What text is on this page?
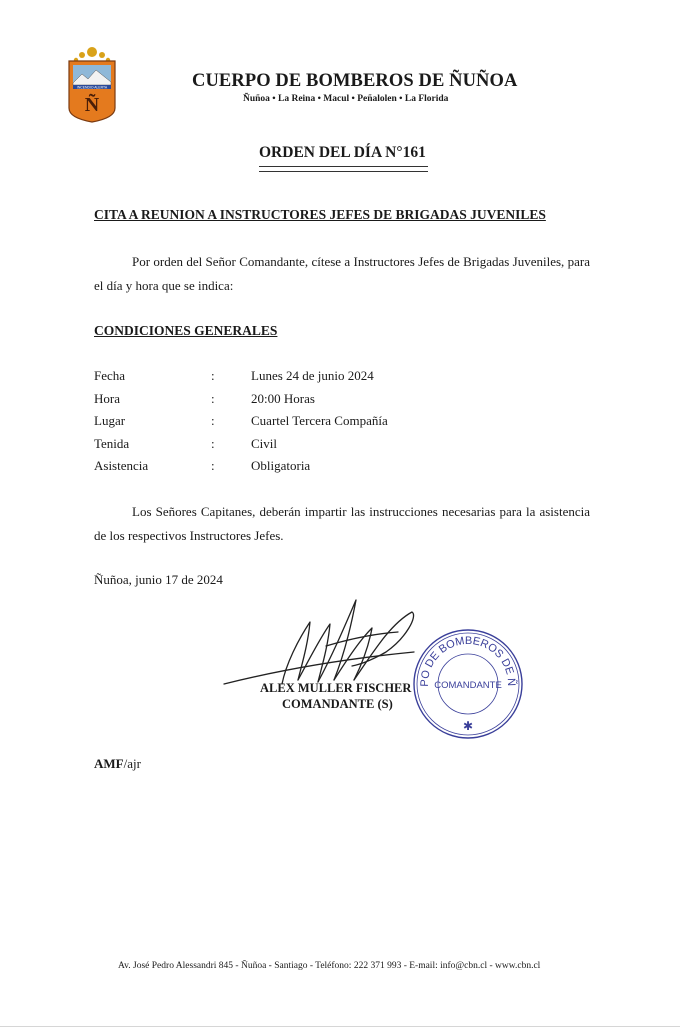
INCENDIO ALERTA
Ñ
CUERPO DE BOMBEROS DE ÑUÑOA
Ñuñoa • La Reina • Macul • Peñalolen • La Florida
ORDEN DEL DÍA N°161
CITA A REUNION A INSTRUCTORES JEFES DE BRIGADAS JUVENILES

Por orden del Señor Comandante, cítese a Instructores Jefes de Brigadas Juveniles, para el día y hora que se indica:

CONDICIONES GENERALES
Fecha	:	Lunes 24 de junio 2024
Hora	:	20:00 Horas
Lugar	:	Cuartel Tercera Compañía
Tenida	:	Civil
Asistencia	:	Obligatoria

Los Señores Capitanes, deberán impartir las instrucciones necesarias para la asistencia de los respectivos Instructores Jefes.

Ñuñoa, junio 17 de 2024
ALEX MULLER FISCHER
COMANDANTE (S)
PO DE BOMBEROS DE Ñ
COMANDANTE
✱
AMF/ajr
Av. José Pedro Alessandri 845 - Ñuñoa - Santiago - Teléfono: 222 371 993 - E-mail: info@cbn.cl - www.cbn.cl
